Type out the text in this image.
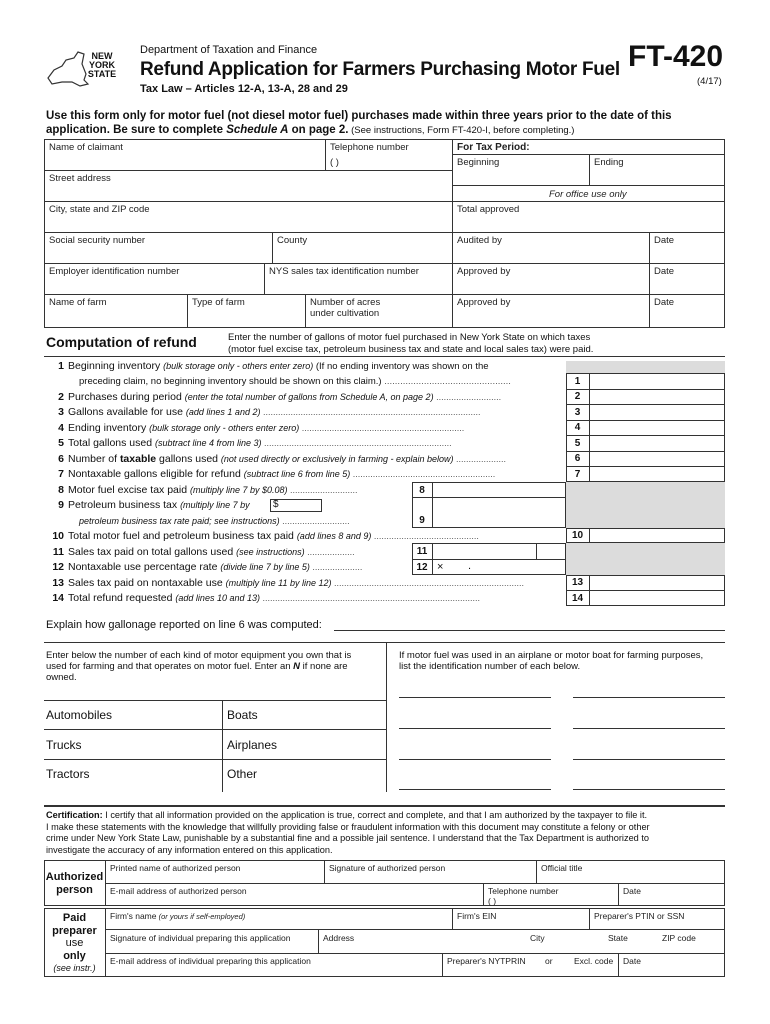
NEW
YORK
STATE
Department of Taxation and Finance
Refund Application for Farmers Purchasing Motor Fuel
Tax Law – Articles 12-A, 13-A, 28 and 29
FT-420
(4/17)
Use this form only for motor fuel (not diesel motor fuel) purchases made within three years prior to the date of this
application. Be sure to complete Schedule A on page 2. (See instructions, Form FT-420-I, before completing.)
Name of claimant	Telephone number
( )
Street address
City, state and ZIP code
Social security number	County
Employer identification number	NYS sales tax identification number
Name of farm	Type of farm	Number of acres
under cultivation
For Tax Period:
Beginning	Ending
For office use only
Total approved
Audited by	Date
Approved by	Date
Approved by	Date
Computation of refund	Enter the number of gallons of motor fuel purchased in New York State on which taxes
(motor fuel excise tax, petroleum business tax and state and local sales tax) were paid.
1
2
3
4
5
6
7
8
9
$
10
11
12 × .
13
14
1 Beginning inventory (bulk storage only - others enter zero) (If no ending inventory was shown on the
preceding claim, no beginning inventory should be shown on this claim.) ................................................
2 Purchases during period (enter the total number of gallons from Schedule A, on page 2) ..........................
3 Gallons available for use (add lines 1 and 2) .......................................................................................
4 Ending inventory (bulk storage only - others enter zero) .................................................................
5 Total gallons used (subtract line 4 from line 3) ...........................................................................
6 Number of taxable gallons used (not used directly or exclusively in farming - explain below) ....................
7 Nontaxable gallons eligible for refund (subtract line 6 from line 5) .........................................................
8 Motor fuel excise tax paid (multiply line 7 by $0.08) ...........................
9 Petroleum business tax (multiply line 7 by
petroleum business tax rate paid; see instructions) ...........................
10 Total motor fuel and petroleum business tax paid (add lines 8 and 9) ..........................................
11 Sales tax paid on total gallons used (see instructions) ...................
12 Nontaxable use percentage rate (divide line 7 by line 5) ....................
13 Sales tax paid on nontaxable use (multiply line 11 by line 12) ............................................................................
14 Total refund requested (add lines 10 and 13) .......................................................................................
Explain how gallonage reported on line 6 was computed:
Enter below the number of each kind of motor equipment you own that is
used for farming and that operates on motor fuel. Enter an N if none are
owned.
If motor fuel was used in an airplane or motor boat for farming purposes,
list the identification number of each below.
Automobiles	Boats
Trucks	Airplanes
Tractors	Other
Certification: I certify that all information provided on the application is true, correct and complete, and that I am authorized by the taxpayer to file it.
I make these statements with the knowledge that willfully providing false or fraudulent information with this document may constitute a felony or other
crime under New York State Law, punishable by a substantial fine and a possible jail sentence. I understand that the Tax Department is authorized to
investigate the accuracy of any information entered on this application.
Authorized
person
Printed name of authorized person	Signature of authorized person	Official title
E-mail address of authorized person	Telephone number
( )
Date
Paid
preparer
use
only
(see instr.)
Firm's name (or yours if self-employed)	Firm's EIN	Preparer's PTIN or SSN
Signature of individual preparing this application	Address	City	State	ZIP code
E-mail address of individual preparing this application	Preparer's NYTPRIN	or	Excl. code	Date
